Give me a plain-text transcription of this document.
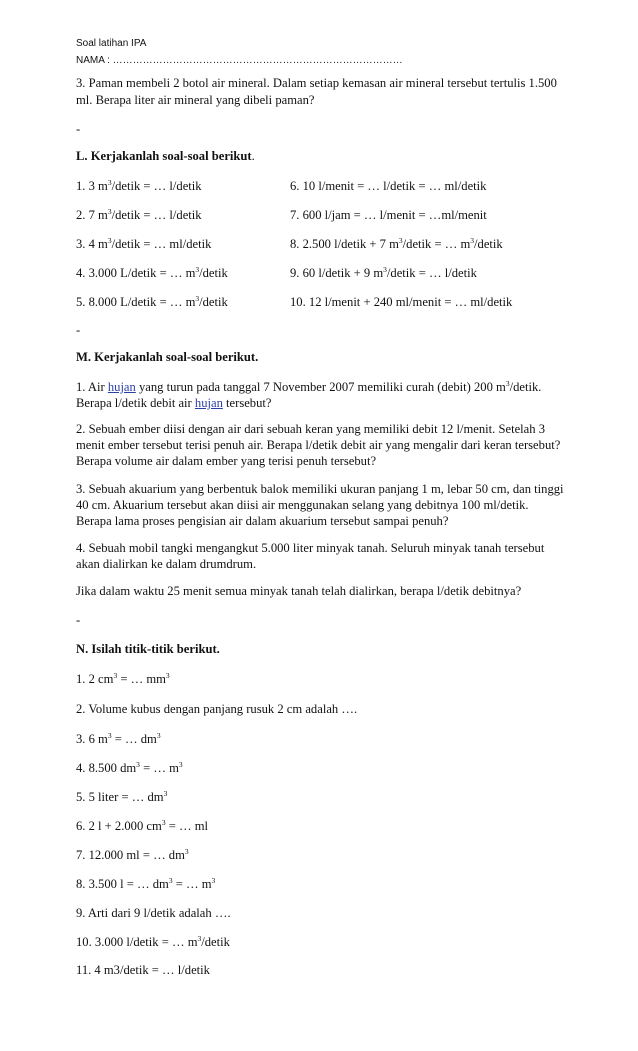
Soal latihan IPA
NAMA : ……………………………………………………………………………
3. Paman membeli 2 botol air mineral. Dalam setiap kemasan air mineral tersebut tertulis 1.500
ml. Berapa liter air mineral yang dibeli paman?
-
L. Kerjakanlah soal-soal berikut.
1. 3 $m^3$/detik = … l/detik	6. 10 l/menit = … l/detik = … ml/detik
2. 7 $m^3$/detik = … l/detik	7. 600 l/jam = … l/menit = …ml/menit
3. 4 $m^3$/detik = … ml/detik	8. 2.500 l/detik + 7 $m^3$/detik = … $m^3$/detik
4. 3.000 L/detik = … $m^3$/detik	9. 60 l/detik + 9 $m^3$/detik = … l/detik
5. 8.000 L/detik = … $m^3$/detik	10. 12 l/menit + 240 ml/menit = … ml/detik
-
M. Kerjakanlah soal-soal berikut.
1. Air hujan yang turun pada tanggal 7 November 2007 memiliki curah (debit) 200 $m^3$/detik.
Berapa l/detik debit air hujan tersebut?
2. Sebuah ember diisi dengan air dari sebuah keran yang memiliki debit 12 l/menit. Setelah 3
menit ember tersebut terisi penuh air. Berapa l/detik debit air yang mengalir dari keran tersebut?
Berapa volume air dalam ember yang terisi penuh tersebut?
3. Sebuah akuarium yang berbentuk balok memiliki ukuran panjang 1 m, lebar 50 cm, dan tinggi
40 cm. Akuarium tersebut akan diisi air menggunakan selang yang debitnya 100 ml/detik.
Berapa lama proses pengisian air dalam akuarium tersebut sampai penuh?
4. Sebuah mobil tangki mengangkut 5.000 liter minyak tanah. Seluruh minyak tanah tersebut
akan dialirkan ke dalam drumdrum.
Jika dalam waktu 25 menit semua minyak tanah telah dialirkan, berapa l/detik debitnya?
-
N. Isilah titik-titik berikut.
1. 2 $cm^3$ = … $mm^3$
2. Volume kubus dengan panjang rusuk 2 cm adalah ….
3. 6 $m^3$ = … $dm^3$
4. 8.500 $dm^3$ = … $m^3$
5. 5 liter = … $dm^3$
6. 2 l + 2.000 $cm^3$ = … ml
7. 12.000 ml = … $dm^3$
8. 3.500 l = … $dm^3$ = … $m^3$
9. Arti dari 9 l/detik adalah ….
10. 3.000 l/detik = … $m^3$/detik
11. 4 m3/detik = … l/detik
